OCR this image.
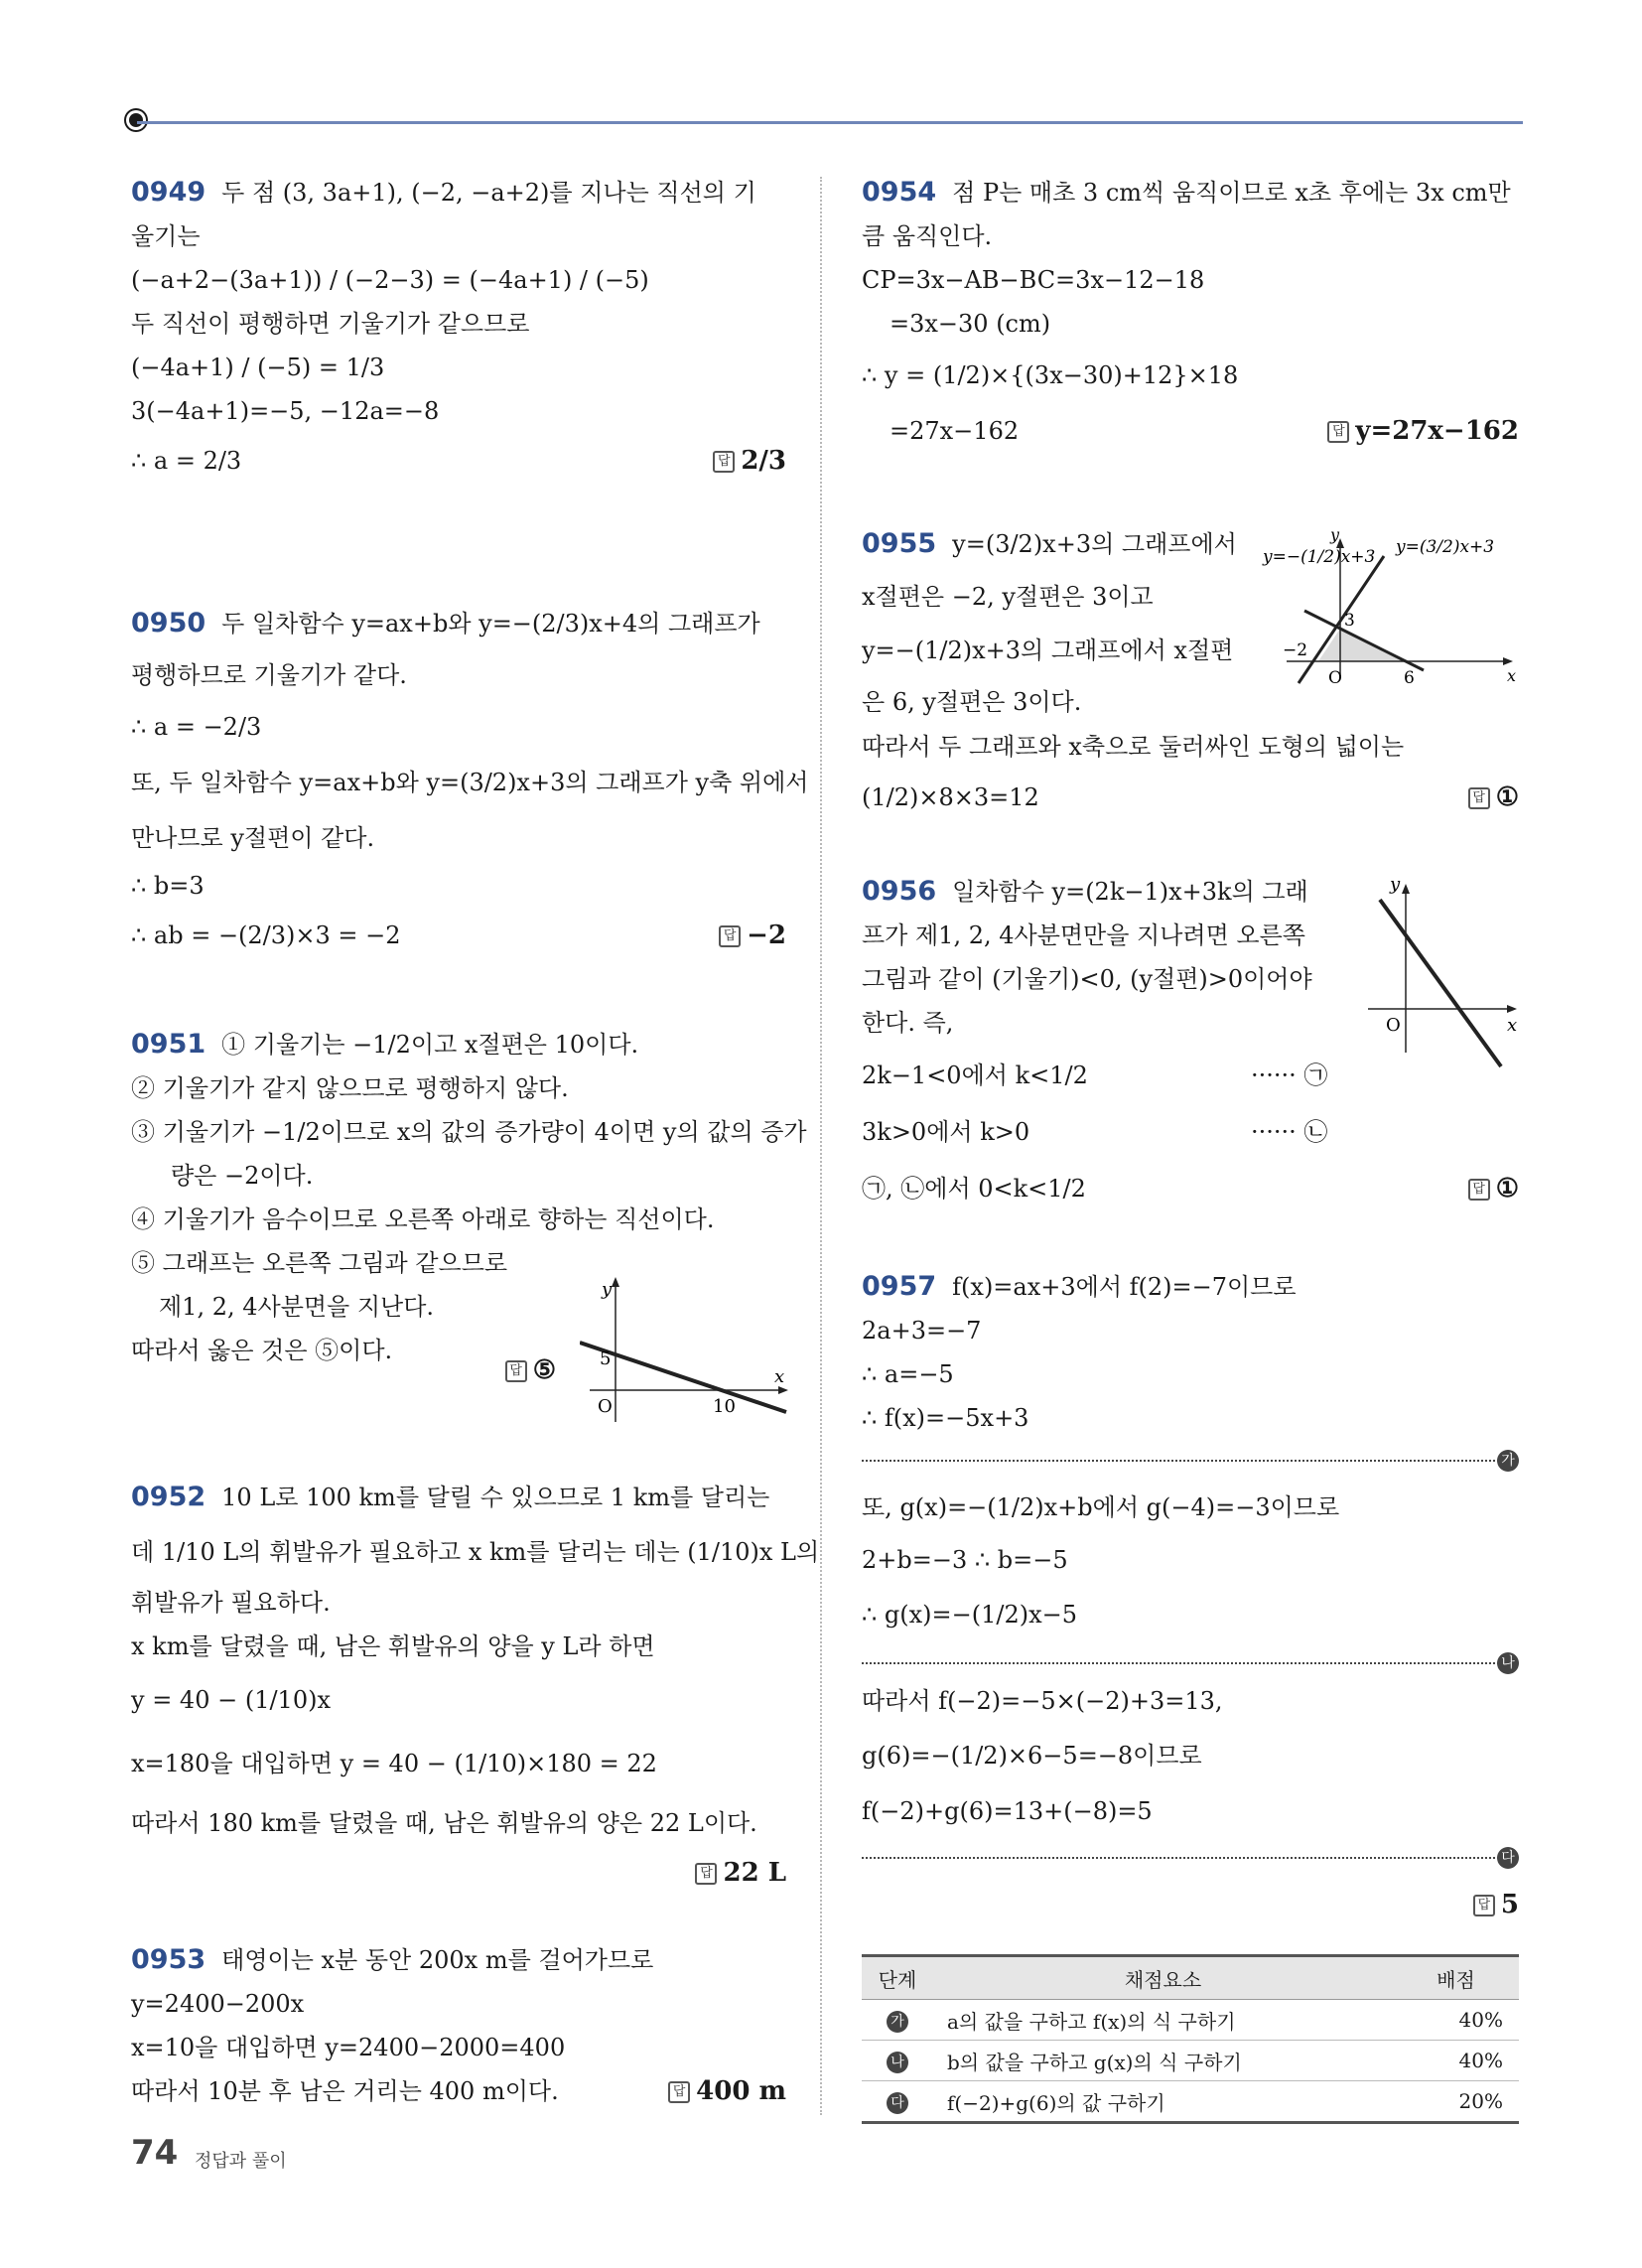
0949 두 점 (3, 3a+1), (−2, −a+2)를 지나는 직선의 기
울기는
(−a+2−(3a+1)) / (−2−3) = (−4a+1) / (−5)
두 직선이 평행하면 기울기가 같으므로
(−4a+1) / (−5) = 1/3
3(−4a+1)=−5, −12a=−8
∴ a = 2/3	답 2/3
0950 두 일차함수 y=ax+b와 y=−(2/3)x+4의 그래프가
평행하므로 기울기가 같다.
∴ a = −2/3
또, 두 일차함수 y=ax+b와 y=(3/2)x+3의 그래프가 y축 위에서
만나므로 y절편이 같다.
∴ b=3
∴ ab = −(2/3)×3 = −2	답 −2
0951 ① 기울기는 −1/2이고 x절편은 10이다.
② 기울기가 같지 않으므로 평행하지 않다.
③ 기울기가 −1/2이므로 x의 값의 증가량이 4이면 y의 값의 증가
량은 −2이다.
④ 기울기가 음수이므로 오른쪽 아래로 향하는 직선이다.
⑤ 그래프는 오른쪽 그림과 같으므로
제1, 2, 4사분면을 지난다.
따라서 옳은 것은 ⑤이다.
답 ⑤
y
x
O
5
10
0952 10 L로 100 km를 달릴 수 있으므로 1 km를 달리는
데 1/10 L의 휘발유가 필요하고 x km를 달리는 데는 (1/10)x L의
휘발유가 필요하다.
x km를 달렸을 때, 남은 휘발유의 양을 y L라 하면
y = 40 − (1/10)x
x=180을 대입하면 y = 40 − (1/10)×180 = 22
따라서 180 km를 달렸을 때, 남은 휘발유의 양은 22 L이다.
답 22 L
0953 태영이는 x분 동안 200x m를 걸어가므로
y=2400−200x
x=10을 대입하면 y=2400−2000=400
따라서 10분 후 남은 거리는 400 m이다.	답 400 m
0954 점 P는 매초 3 cm씩 움직이므로 x초 후에는 3x cm만
큼 움직인다.
CP=3x−AB−BC=3x−12−18
=3x−30 (cm)
∴ y = (1/2)×{(3x−30)+12}×18
=27x−162	답 y=27x−162
0955 y=(3/2)x+3의 그래프에서
x절편은 −2, y절편은 3이고
y=−(1/2)x+3의 그래프에서 x절편
은 6, y절편은 3이다.
따라서 두 그래프와 x축으로 둘러싸인 도형의 넓이는
(1/2)×8×3=12	답 ①
y=−(1/2)x+3 y=(3/2)x+3
y
x
O
3
−2
6
0956 일차함수 y=(2k−1)x+3k의 그래
프가 제1, 2, 4사분면만을 지나려면 오른쪽
그림과 같이 (기울기)<0, (y절편)>0이어야
한다. 즉,
2k−1<0에서 k<1/2	······ ㉠
3k>0에서 k>0	······ ㉡
㉠, ㉡에서 0<k<1/2	답 ①
y
x
O
0957 f(x)=ax+3에서 f(2)=−7이므로
2a+3=−7
∴ a=−5
∴ f(x)=−5x+3
가
또, g(x)=−(1/2)x+b에서 g(−4)=−3이므로
2+b=−3 ∴ b=−5
∴ g(x)=−(1/2)x−5
나
따라서 f(−2)=−5×(−2)+3=13,
g(6)=−(1/2)×6−5=−8이므로
f(−2)+g(6)=13+(−8)=5
다
답 5
단계	채점요소	배점
가	a의 값을 구하고 f(x)의 식 구하기	40%
나	b의 값을 구하고 g(x)의 식 구하기	40%
다	f(−2)+g(6)의 값 구하기	20%
74 정답과 풀이
